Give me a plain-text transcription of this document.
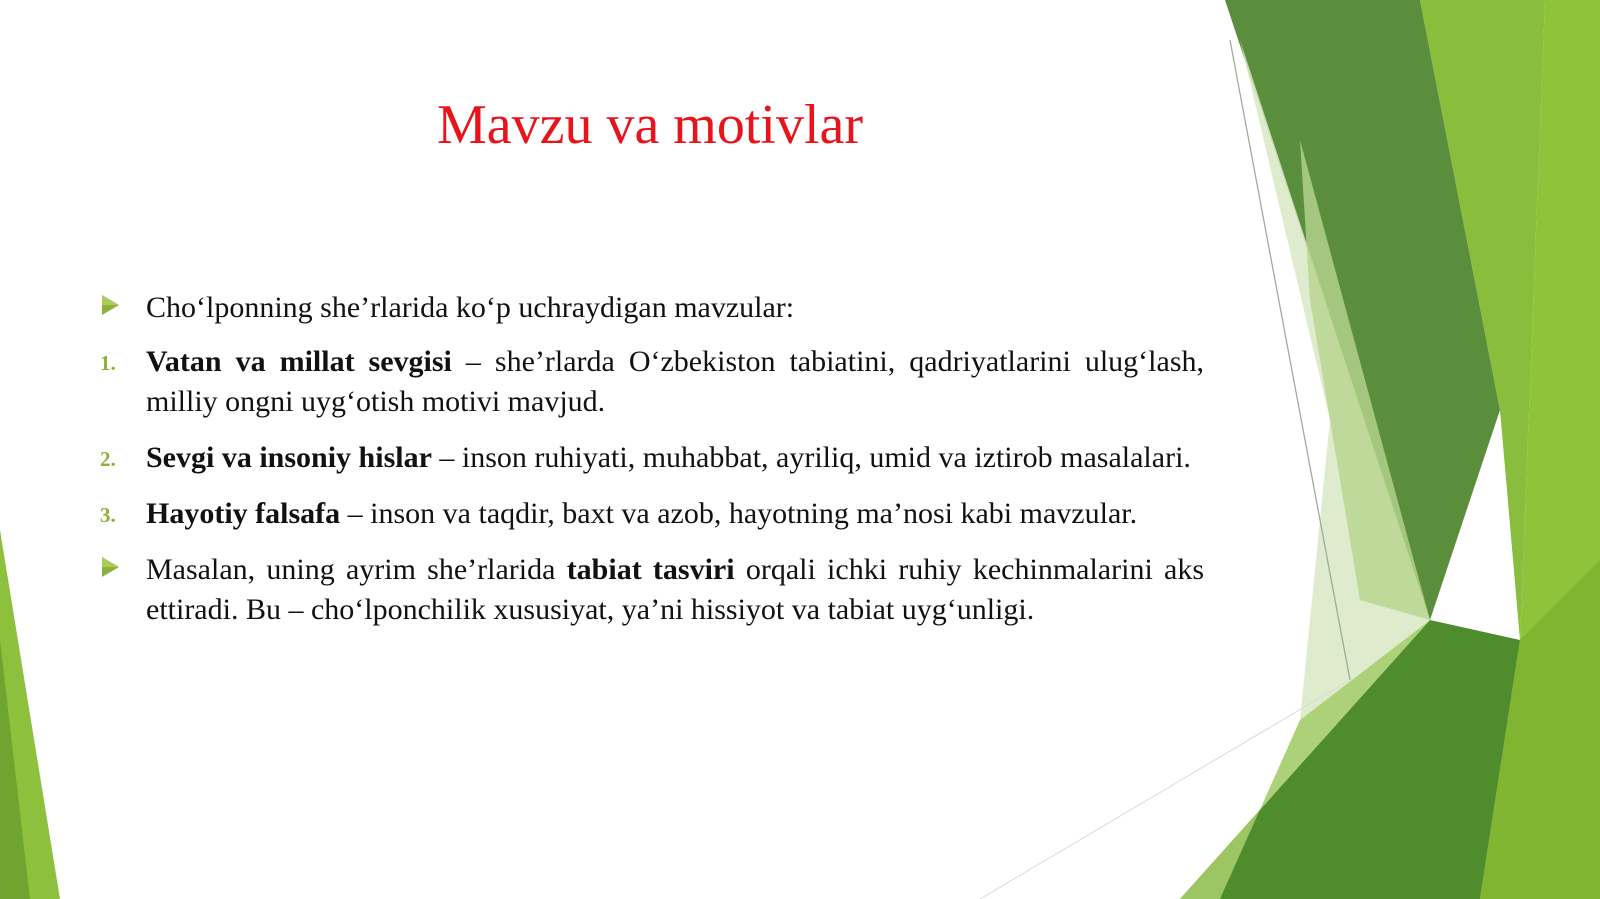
Mavzu va motivlar

Cho‘lponning she’rlarida ko‘p uchraydigan mavzular:

1. Vatan va millat sevgisi – she’rlarda O‘zbekiston tabiatini, qadriyatlarini ulug‘lash, milliy ongni uyg‘otish motivi mavjud.

2. Sevgi va insoniy hislar – inson ruhiyati, muhabbat, ayriliq, umid va iztirob masalalari.

3. Hayotiy falsafa – inson va taqdir, baxt va azob, hayotning ma’nosi kabi mavzular.

Masalan, uning ayrim she’rlarida tabiat tasviri orqali ichki ruhiy kechinmalarini aks ettiradi. Bu – cho‘lponchilik xususiyat, ya’ni hissiyot va tabiat uyg‘unligi.
